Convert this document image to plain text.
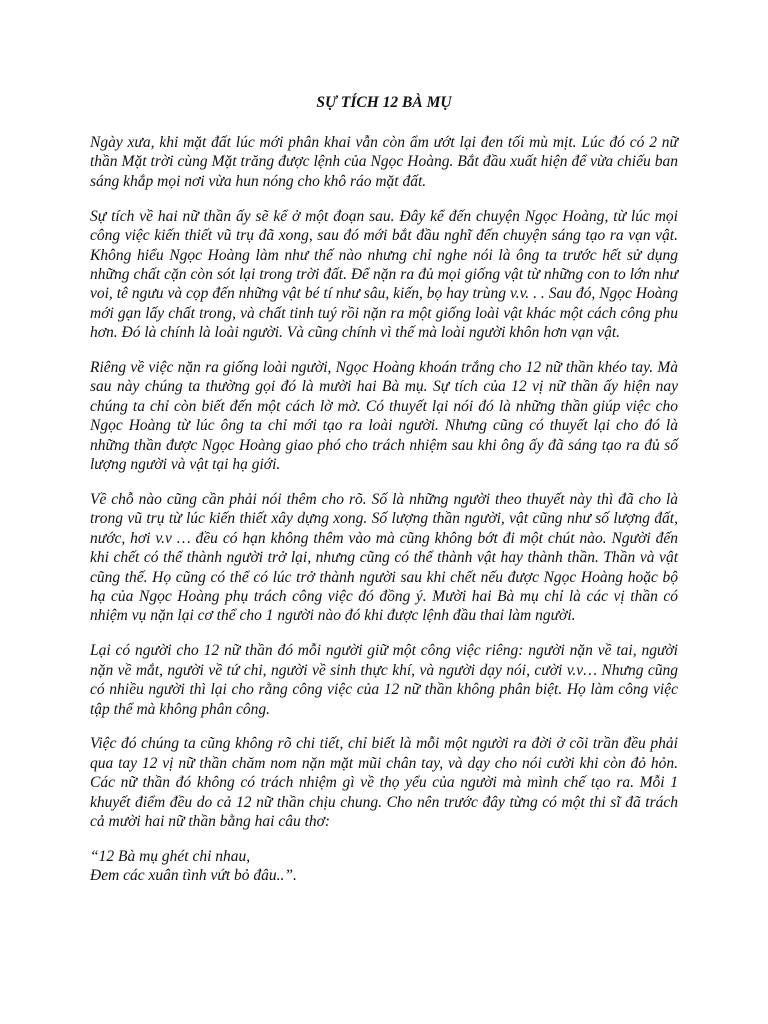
SỰ TÍCH 12 BÀ MỤ

Ngày xưa, khi mặt đất lúc mới phân khai vẫn còn ẩm ướt lại đen tối mù mịt. Lúc đó có 2 nữ thần Mặt trời cùng Mặt trăng được lệnh của Ngọc Hoàng. Bắt đầu xuất hiện để vừa chiếu ban sáng khắp mọi nơi vừa hun nóng cho khô ráo mặt đất.

Sự tích về hai nữ thần ấy sẽ kể ở một đoạn sau. Đây kể đến chuyện Ngọc Hoàng, từ lúc mọi công việc kiến thiết vũ trụ đã xong, sau đó mới bắt đầu nghĩ đến chuyện sáng tạo ra vạn vật. Không hiểu Ngọc Hoàng làm như thế nào nhưng chỉ nghe nói là ông ta trước hết sử dụng những chất cặn còn sót lại trong trời đất. Để nặn ra đủ mọi giống vật từ những con to lớn như voi, tê ngưu và cọp đến những vật bé tí như sâu, kiến, bọ hay trùng v.v. . . Sau đó, Ngọc Hoàng mới gạn lấy chất trong, và chất tinh tuý rồi nặn ra một giống loài vật khác một cách công phu hơn. Đó là chính là loài người. Và cũng chính vì thế mà loài người khôn hơn vạn vật.

Riêng về việc nặn ra giống loài người, Ngọc Hoàng khoán trắng cho 12 nữ thần khéo tay. Mà sau này chúng ta thường gọi đó là mười hai Bà mụ. Sự tích của 12 vị nữ thần ấy hiện nay chúng ta chỉ còn biết đến một cách lờ mờ. Có thuyết lại nói đó là những thần giúp việc cho Ngọc Hoàng từ lúc ông ta chỉ mới tạo ra loài người. Nhưng cũng có thuyết lại cho đó là những thần được Ngọc Hoàng giao phó cho trách nhiệm sau khi ông ấy đã sáng tạo ra đủ số lượng người và vật tại hạ giới.

Về chỗ nào cũng cần phải nói thêm cho rõ. Số là những người theo thuyết này thì đã cho là trong vũ trụ từ lúc kiến thiết xây dựng xong. Số lượng thần người, vật cũng như số lượng đất, nước, hơi v.v … đều có hạn không thêm vào mà cũng không bớt đi một chút nào. Người đến khi chết có thể thành người trở lại, nhưng cũng có thể thành vật hay thành thần. Thần và vật cũng thế. Họ cũng có thể có lúc trở thành người sau khi chết nếu được Ngọc Hoàng hoặc bộ hạ của Ngọc Hoàng phụ trách công việc đó đồng ý. Mười hai Bà mụ chỉ là các vị thần có nhiệm vụ nặn lại cơ thể cho 1 người nào đó khi được lệnh đầu thai làm người.

Lại có người cho 12 nữ thần đó mỗi người giữ một công việc riêng: người nặn về tai, người nặn về mắt, người về tứ chi, người về sinh thực khí, và người dạy nói, cười v.v… Nhưng cũng có nhiều người thì lại cho rằng công việc của 12 nữ thần không phân biệt. Họ làm công việc tập thể mà không phân công.

Việc đó chúng ta cũng không rõ chi tiết, chỉ biết là mỗi một người ra đời ở cõi trần đều phải qua tay 12 vị nữ thần chăm nom nặn mặt mũi chân tay, và dạy cho nói cười khi còn đỏ hỏn. Các nữ thần đó không có trách nhiệm gì về thọ yểu của người mà mình chế tạo ra. Mỗi 1 khuyết điểm đều do cả 12 nữ thần chịu chung. Cho nên trước đây từng có một thi sĩ đã trách cả mười hai nữ thần bằng hai câu thơ:

“12 Bà mụ ghét chi nhau,
Đem các xuân tình vứt bỏ đâu..”.
